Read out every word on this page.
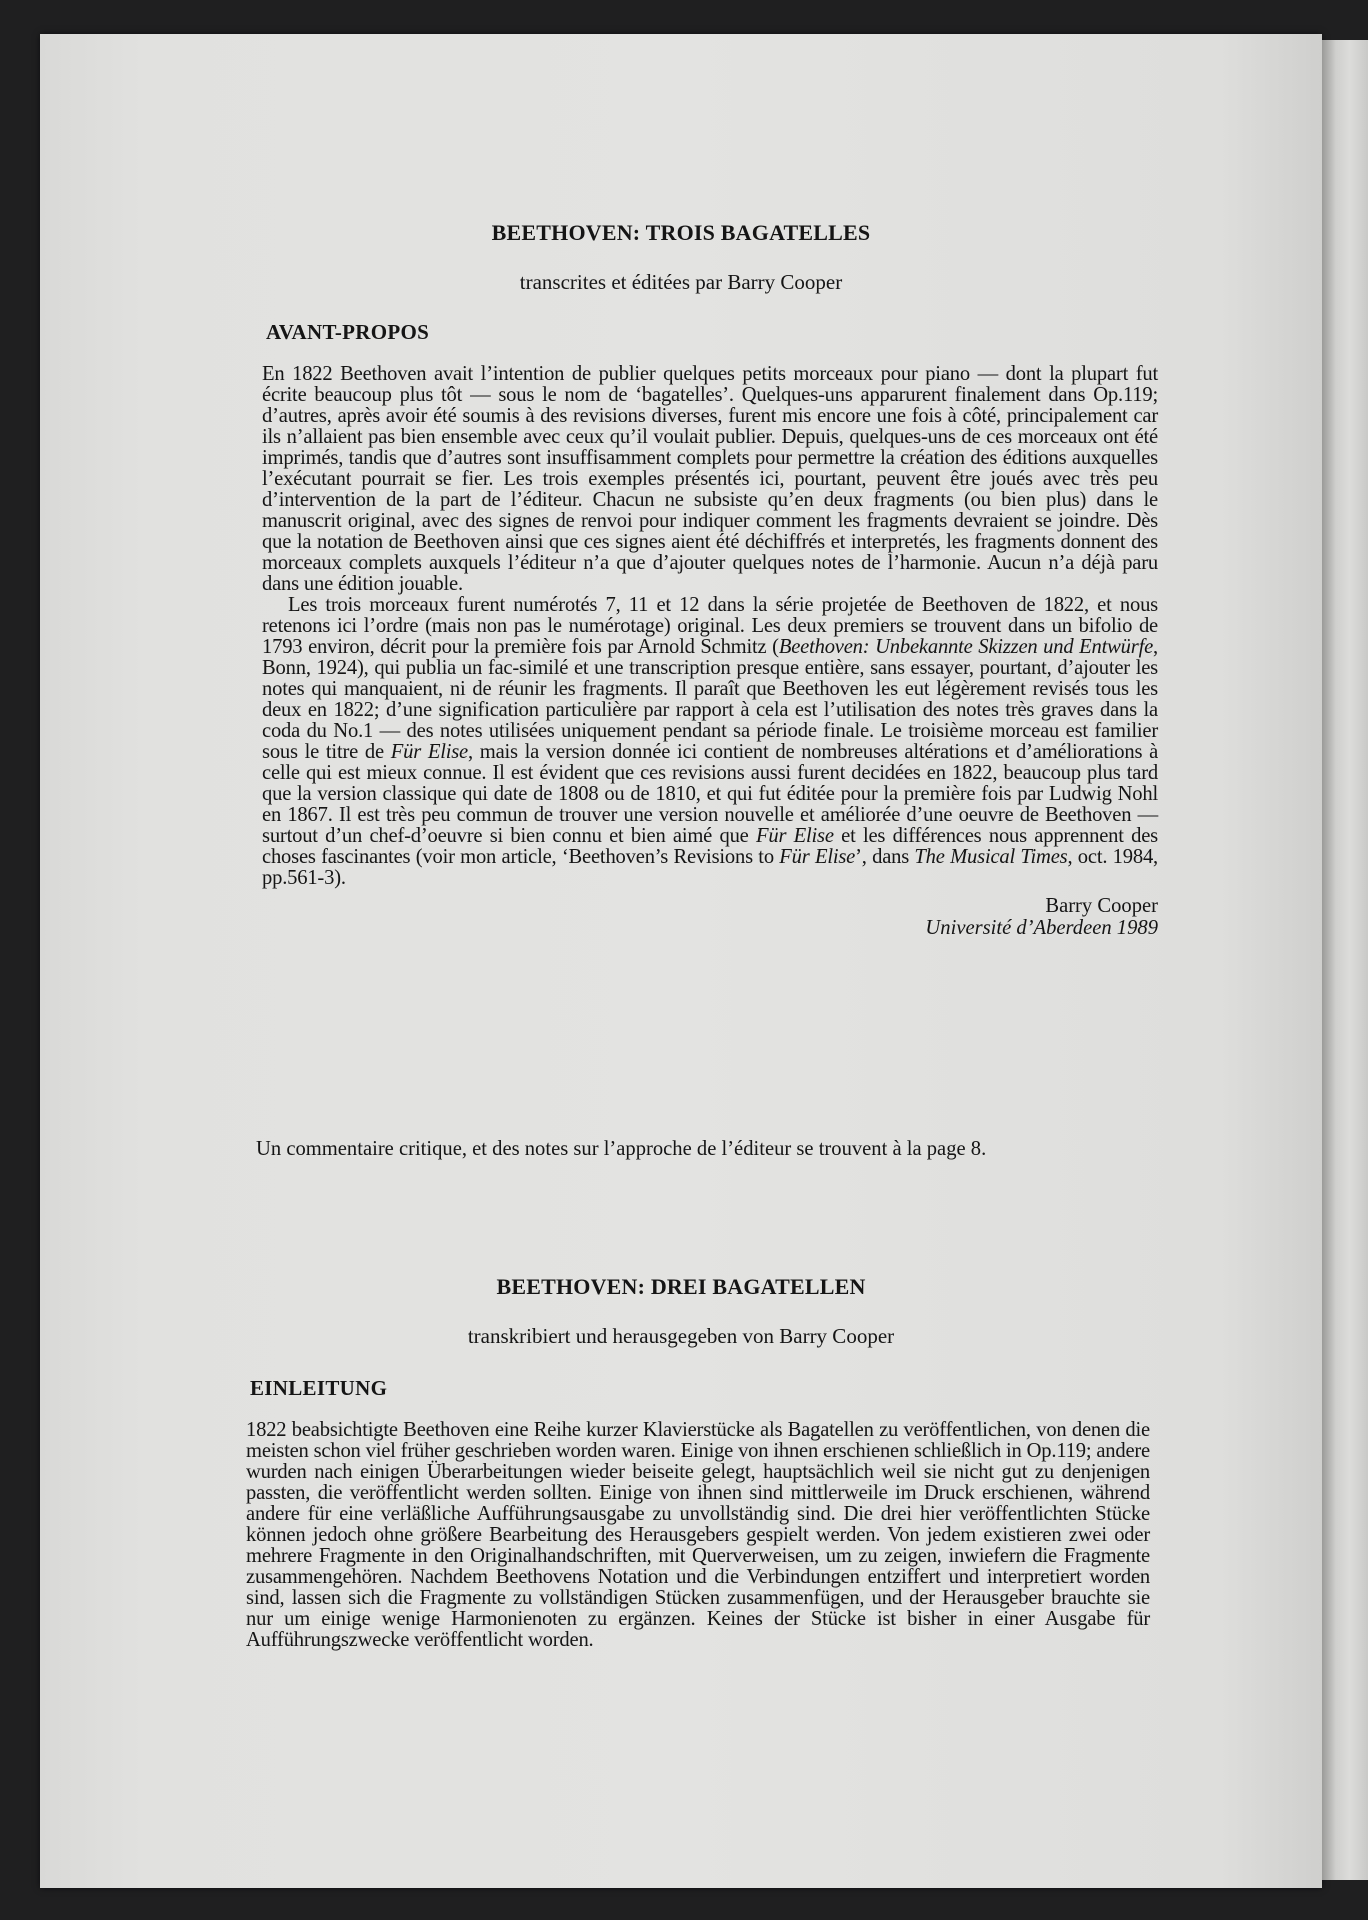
BEETHOVEN: TROIS BAGATELLES

transcrites et éditées par Barry Cooper

AVANT-PROPOS

En 1822 Beethoven avait l’intention de publier quelques petits morceaux pour piano — dont la plupart fut écrite beaucoup plus tôt — sous le nom de ‘bagatelles’. Quelques-uns apparurent finalement dans Op.119; d’autres, après avoir été soumis à des revisions diverses, furent mis encore une fois à côté, principalement car ils n’allaient pas bien ensemble avec ceux qu’il voulait publier. Depuis, quelques-uns de ces morceaux ont été imprimés, tandis que d’autres sont insuffisamment complets pour permettre la création des éditions auxquelles l’exécutant pourrait se fier. Les trois exemples présentés ici, pourtant, peuvent être joués avec très peu d’intervention de la part de l’éditeur. Chacun ne subsiste qu’en deux fragments (ou bien plus) dans le manuscrit original, avec des signes de renvoi pour indiquer comment les fragments devraient se joindre. Dès que la notation de Beethoven ainsi que ces signes aient été déchiffrés et interpretés, les fragments donnent des morceaux complets auxquels l’éditeur n’a que d’ajouter quelques notes de l’harmonie. Aucun n’a déjà paru dans une édition jouable.

Les trois morceaux furent numérotés 7, 11 et 12 dans la série projetée de Beethoven de 1822, et nous retenons ici l’ordre (mais non pas le numérotage) original. Les deux premiers se trouvent dans un bifolio de 1793 environ, décrit pour la première fois par Arnold Schmitz (Beethoven: Unbekannte Skizzen und Entwürfe, Bonn, 1924), qui publia un fac-similé et une transcription presque entière, sans essayer, pourtant, d’ajouter les notes qui manquaient, ni de réunir les fragments. Il paraît que Beethoven les eut légèrement revisés tous les deux en 1822; d’une signification particulière par rapport à cela est l’utilisation des notes très graves dans la coda du No.1 — des notes utilisées uniquement pendant sa période finale. Le troisième morceau est familier sous le titre de Für Elise, mais la version donnée ici contient de nombreuses altérations et d’améliorations à celle qui est mieux connue. Il est évident que ces revisions aussi furent decidées en 1822, beaucoup plus tard que la version classique qui date de 1808 ou de 1810, et qui fut éditée pour la première fois par Ludwig Nohl en 1867. Il est très peu commun de trouver une version nouvelle et améliorée d’une oeuvre de Beethoven — surtout d’un chef-d’oeuvre si bien connu et bien aimé que Für Elise et les différences nous apprennent des choses fascinantes (voir mon article, ‘Beethoven’s Revisions to Für Elise’, dans The Musical Times, oct. 1984, pp.561-3).

Barry Cooper
Université d’Aberdeen 1989

Un commentaire critique, et des notes sur l’approche de l’éditeur se trouvent à la page 8.

BEETHOVEN: DREI BAGATELLEN

transkribiert und herausgegeben von Barry Cooper

EINLEITUNG

1822 beabsichtigte Beethoven eine Reihe kurzer Klavierstücke als Bagatellen zu veröffentlichen, von denen die meisten schon viel früher geschrieben worden waren. Einige von ihnen erschienen schließlich in Op.119; andere wurden nach einigen Überarbeitungen wieder beiseite gelegt, hauptsächlich weil sie nicht gut zu denjenigen passten, die veröffentlicht werden sollten. Einige von ihnen sind mittlerweile im Druck erschienen, während andere für eine verläßliche Aufführungsausgabe zu unvollständig sind. Die drei hier veröffentlichten Stücke können jedoch ohne größere Bearbeitung des Herausgebers gespielt werden. Von jedem existieren zwei oder mehrere Fragmente in den Originalhandschriften, mit Querverweisen, um zu zeigen, inwiefern die Fragmente zusammengehören. Nachdem Beethovens Notation und die Verbindungen entziffert und interpretiert worden sind, lassen sich die Fragmente zu vollständigen Stücken zusammenfügen, und der Herausgeber brauchte sie nur um einige wenige Harmonienoten zu ergänzen. Keines der Stücke ist bisher in einer Ausgabe für Aufführungszwecke veröffentlicht worden.
